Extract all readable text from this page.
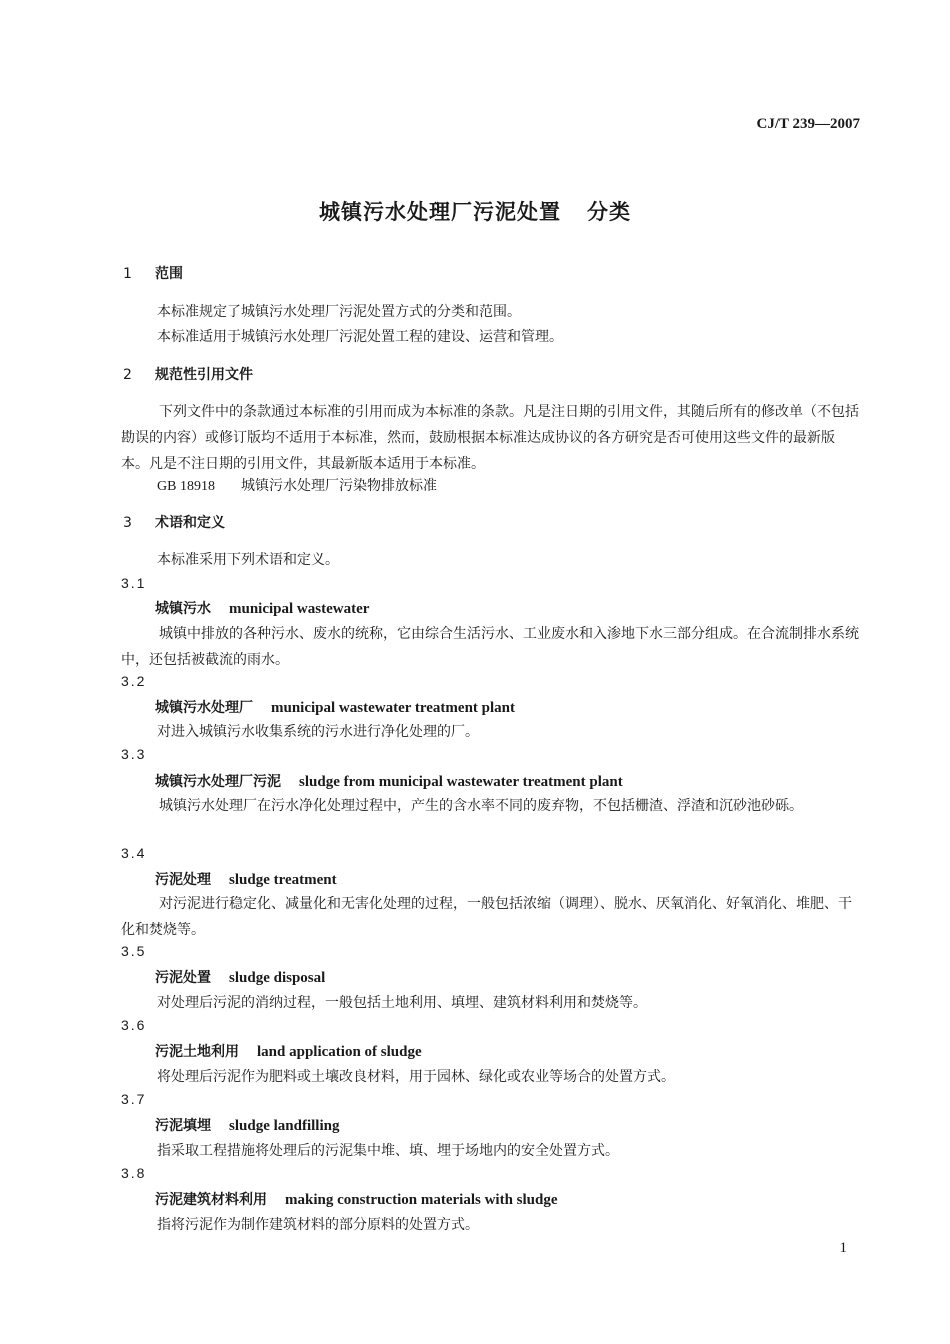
CJ/T 239—2007
城镇污水处理厂污泥处置 分类
1 范围
本标准规定了城镇污水处理厂污泥处置方式的分类和范围。
本标准适用于城镇污水处理厂污泥处置工程的建设、运营和管理。
2 规范性引用文件
下列文件中的条款通过本标准的引用而成为本标准的条款。凡是注日期的引用文件，其随后所有的修改单（不包括勘误的内容）或修订版均不适用于本标准，然而，鼓励根据本标准达成协议的各方研究是否可使用这些文件的最新版本。凡是不注日期的引用文件，其最新版本适用于本标准。
GB 18918 城镇污水处理厂污染物排放标准
3 术语和定义
本标准采用下列术语和定义。
3.1
城镇污水 municipal wastewater
城镇中排放的各种污水、废水的统称，它由综合生活污水、工业废水和入渗地下水三部分组成。在合流制排水系统中，还包括被截流的雨水。
3.2
城镇污水处理厂 municipal wastewater treatment plant
对进入城镇污水收集系统的污水进行净化处理的厂。
3.3
城镇污水处理厂污泥 sludge from municipal wastewater treatment plant
城镇污水处理厂在污水净化处理过程中，产生的含水率不同的废弃物，不包括栅渣、浮渣和沉砂池砂砾。
3.4
污泥处理 sludge treatment
对污泥进行稳定化、减量化和无害化处理的过程，一般包括浓缩（调理）、脱水、厌氧消化、好氧消化、堆肥、干化和焚烧等。
3.5
污泥处置 sludge disposal
对处理后污泥的消纳过程，一般包括土地利用、填埋、建筑材料利用和焚烧等。
3.6
污泥土地利用 land application of sludge
将处理后污泥作为肥料或土壤改良材料，用于园林、绿化或农业等场合的处置方式。
3.7
污泥填埋 sludge landfilling
指采取工程措施将处理后的污泥集中堆、填、埋于场地内的安全处置方式。
3.8
污泥建筑材料利用 making construction materials with sludge
指将污泥作为制作建筑材料的部分原料的处置方式。
1
